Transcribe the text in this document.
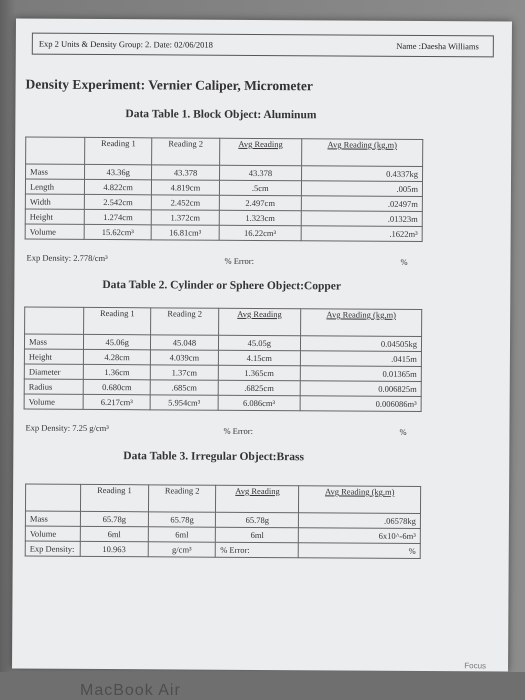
Exp 2 Units & Density Group: 2. Date: 02/06/2018	Name :Daesha Williams
Density Experiment: Vernier Caliper, Micrometer
Data Table 1. Block Object: Aluminum
	Reading 1	Reading 2	Avg Reading	Avg Reading (kg,m)
Mass	43.36g	43.378	43.378	0.4337kg
Length	4.822cm	4.819cm	.5cm	.005m
Width	2.542cm	2.452cm	2.497cm	.02497m
Height	1.274cm	1.372cm	1.323cm	.01323m
Volume	15.62cm³	16.81cm³	16.22cm³	.1622m³
Exp Density: 2.778/cm³	% Error:	%
Data Table 2. Cylinder or Sphere Object:Copper
	Reading 1	Reading 2	Avg Reading	Avg Reading (kg,m)
Mass	45.06g	45.048	45.05g	0.04505kg
Height	4.28cm	4.039cm	4.15cm	.0415m
Diameter	1.36cm	1.37cm	1.365cm	0.01365m
Radius	0.680cm	.685cm	.6825cm	0.006825m
Volume	6.217cm³	5.954cm³	6.086cm³	0.006086m³
Exp Density: 7.25 g/cm³	% Error:	%
Data Table 3. Irregular Object:Brass
	Reading 1	Reading 2	Avg Reading	Avg Reading (kg,m)
Mass	65.78g	65.78g	65.78g	.06578kg
Volume	6ml	6ml	6ml	6x10^-6m³
Exp Density:	10.963	g/cm³	% Error:	%
Focus
MacBook Air
